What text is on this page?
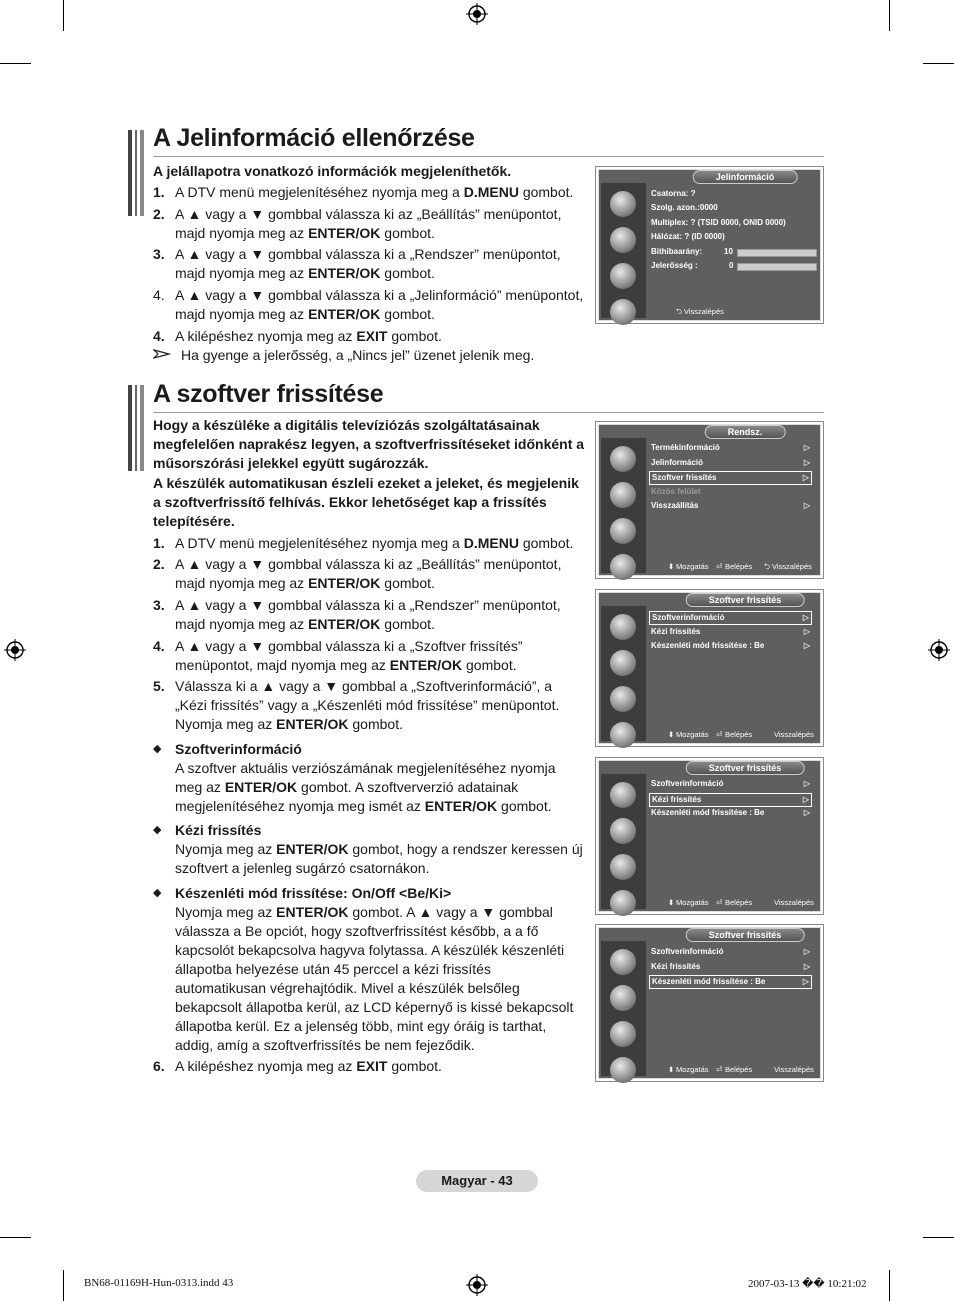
A Jelinformáció ellenőrzése
A jelállapotra vonatkozó információk megjeleníthetők.
1. A DTV menü megjelenítéséhez nyomja meg a D.MENU gombot.
2. A ▲ vagy a ▼ gombbal válassza ki az „Beállítás” menüpontot, majd nyomja meg az ENTER/OK gombot.
3. A ▲ vagy a ▼ gombbal válassza ki a „Rendszer” menüpontot, majd nyomja meg az ENTER/OK gombot.
4. A ▲ vagy a ▼ gombbal válassza ki a „Jelinformáció” menüpontot, majd nyomja meg az ENTER/OK gombot.
4. A kilépéshez nyomja meg az EXIT gombot.
Ha gyenge a jelerősség, a „Nincs jel” üzenet jelenik meg.
Jelinformáció
Csatorna: ?
Szolg. azon.:0000
Multiplex: ? (TSID 0000, ONID 0000)
Hálózat: ? (ID 0000)
Bithibaarány:	10
Jelerősség :	0
⮌ Visszalépés
A szoftver frissítése
Hogy a készüléke a digitális televíziózás szolgáltatásainak megfelelően naprakész legyen, a szoftverfrissítéseket időnként a műsorszórási jelekkel együtt sugározzák.
A készülék automatikusan észleli ezeket a jeleket, és megjelenik a szoftverfrissítő felhívás. Ekkor lehetőséget kap a frissítés telepítésére.
1. A DTV menü megjelenítéséhez nyomja meg a D.MENU gombot.
2. A ▲ vagy a ▼ gombbal válassza ki az „Beállítás” menüpontot, majd nyomja meg az ENTER/OK gombot.
3. A ▲ vagy a ▼ gombbal válassza ki a „Rendszer” menüpontot, majd nyomja meg az ENTER/OK gombot.
4. A ▲ vagy a ▼ gombbal válassza ki a „Szoftver frissítés” menüpontot, majd nyomja meg az ENTER/OK gombot.
5. Válassza ki a ▲ vagy a ▼ gombbal a „Szoftverinformáció”, a „Kézi frissítés” vagy a „Készenléti mód frissítése” menüpontot. Nyomja meg az ENTER/OK gombot.
◆ Szoftverinformáció
A szoftver aktuális verziószámának megjelenítéséhez nyomja meg az ENTER/OK gombot. A szoftververzió adatainak megjelenítéséhez nyomja meg ismét az ENTER/OK gombot.
◆ Kézi frissítés
Nyomja meg az ENTER/OK gombot, hogy a rendszer keressen új szoftvert a jelenleg sugárzó csatornákon.
◆ Készenléti mód frissítése: On/Off <Be/Ki>
Nyomja meg az ENTER/OK gombot. A ▲ vagy a ▼ gombbal válassza a Be opciót, hogy szoftverfrissítést később, a a fő kapcsolót bekapcsolva hagyva folytassa. A készülék készenléti állapotba helyezése után 45 perccel a kézi frissítés automatikusan végrehajtódik. Mivel a készülék belsőleg bekapcsolt állapotba kerül, az LCD képernyő is kissé bekapcsolt állapotba kerül. Ez a jelenség több, mint egy óráig is tarthat, addig, amíg a szoftverfrissítés be nem fejeződik.
6. A kilépéshez nyomja meg az EXIT gombot.
Rendsz.
Termékinformáció	▷
Jelinformáció	▷
Szoftver frissítés	▷
Közös felület
Visszaállítás	▷
⬍ Mozgatás ⏎ Belépés ⮌ Visszalépés
Szoftver frissítés
Szoftverinformáció	▷
Kézi frissítés	▷
Készenléti mód frissítése : Be	▷
⬍ Mozgatás ⏎ Belépés	Visszalépés
Szoftver frissítés
Szoftverinformáció	▷
Kézi frissítés	▷
Készenléti mód frissítése : Be	▷
⬍ Mozgatás ⏎ Belépés	Visszalépés
Szoftver frissítés
Szoftverinformáció	▷
Kézi frissítés	▷
Készenléti mód frissítése : Be	▷
⬍ Mozgatás ⏎ Belépés	Visszalépés
Magyar - 43
BN68-01169H-Hun-0313.indd 43	2007-03-13 �� 10:21:02
